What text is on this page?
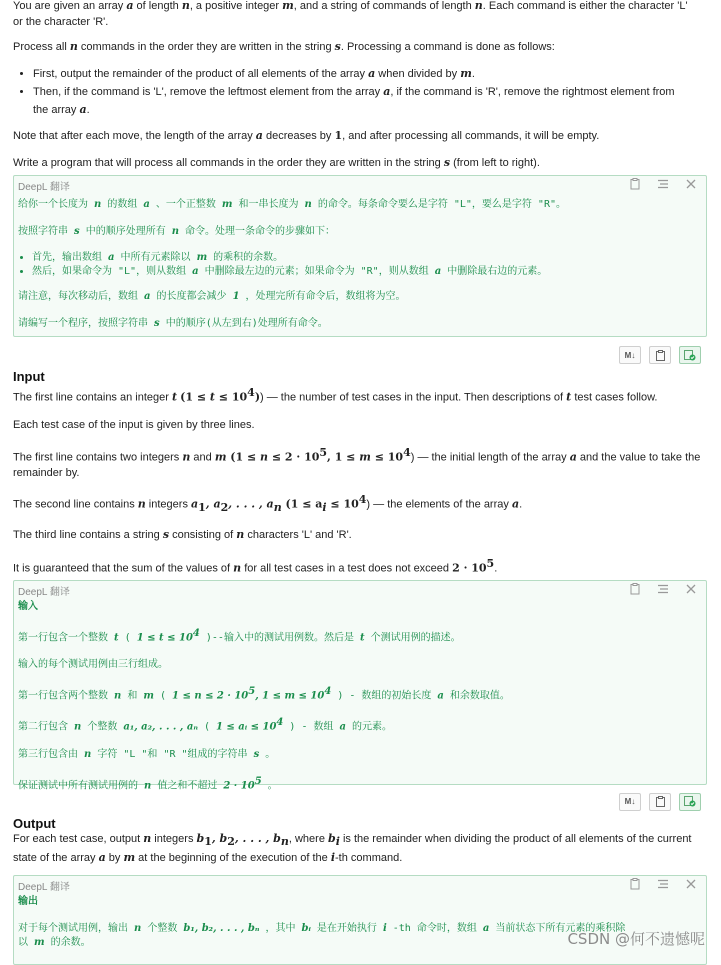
You are given an array a of length n, a positive integer m, and a string of commands of length n. Each command is either the character 'L'

or the character 'R'.

Process all n commands in the order they are written in the string s. Processing a command is done as follows:

• First, output the remainder of the product of all elements of the array a when divided by m.
• Then, if the command is 'L', remove the leftmost element from the array a, if the command is 'R', remove the rightmost element from
the array a.

Note that after each move, the length of the array a decreases by 1, and after processing all commands, it will be empty.

Write a program that will process all commands in the order they are written in the string s (from left to right).

DeepL 翻译

给你一个长度为 n 的数组 a 、一个正整数 m 和一串长度为 n 的命令。每条命令要么是字符 "L"，要么是字符 "R"。

按照字符串 s 中的顺序处理所有 n 命令。处理一条命令的步骤如下：

• 首先，输出数组 a 中所有元素除以 m 的乘积的余数。
• 然后，如果命令为 "L"，则从数组 a 中删除最左边的元素；如果命令为 "R"，则从数组 a 中删除最右边的元素。

请注意，每次移动后，数组 a 的长度都会减少 1 ，处理完所有命令后，数组将为空。

请编写一个程序，按照字符串 s 中的顺序(从左到右)处理所有命令。

M↓
Input

The first line contains an integer t $(1 \le t \le 10^4)$) — the number of test cases in the input. Then descriptions of t test cases follow.

Each test case of the input is given by three lines.

The first line contains two integers n and m ($1 \le n \le 2 \cdot 10^5$, $1 \le m \le 10^4$) — the initial length of the array a and the value to take the

remainder by.

The second line contains n integers $a_1$, $a_2$, . . . , $a_n$ $(1 \le a_i \le 10^4)$ — the elements of the array a.

The third line contains a string s consisting of n characters 'L' and 'R'.

It is guaranteed that the sum of the values of n for all test cases in a test does not exceed $2 \cdot 10^5$.

DeepL 翻译

输入

第一行包含一个整数 t ( $1 \le t \le 10^4$ )--输入中的测试用例数。然后是 t 个测试用例的描述。

输入的每个测试用例由三行组成。

第一行包含两个整数 n 和 m ( $1 \le n \le 2 \cdot 10^5$, $1 \le m \le 10^4$ ) - 数组的初始长度 a 和余数取值。

第二行包含 n 个整数 a₁, a₂, . . . , aₙ ( 1 ≤ aᵢ ≤ $10^4$ ) - 数组 a 的元素。

第三行包含由 n 字符 "L "和 "R "组成的字符串 s 。

保证测试中所有测试用例的 n 值之和不超过 $2 \cdot 10^5$ 。

M↓
Output

For each test case, output n integers $b_1$, $b_2$, . . . , $b_n$, where $b_i$ is the remainder when dividing the product of all elements of the current

state of the array a by m at the beginning of the execution of the i-th command.

DeepL 翻译

输出

对于每个测试用例，输出 n 个整数 b₁, b₂, . . . , bₙ ，其中 bᵢ 是在开始执行 i -th 命令时，数组 a 当前状态下所有元素的乘积除

以 m 的余数。	CSDN @何不遗憾呢
